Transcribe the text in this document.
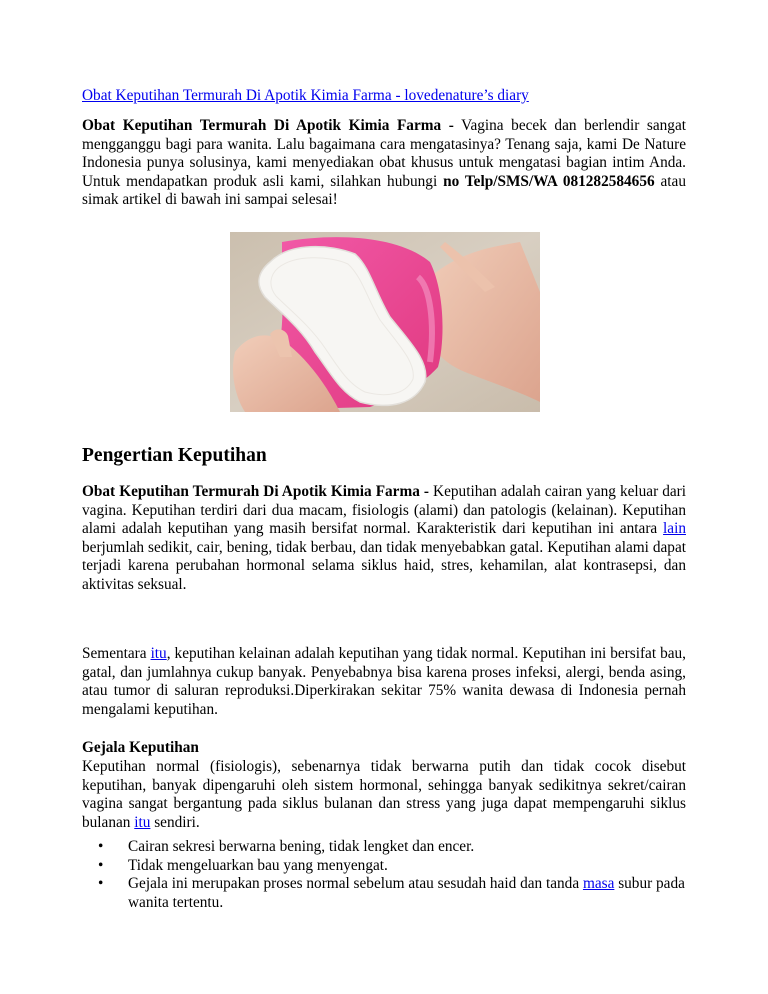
Obat Keputihan Termurah Di Apotik Kimia Farma - lovedenature’s diary
Obat Keputihan Termurah Di Apotik Kimia Farma - Vagina becek dan berlendir sangat mengganggu bagi para wanita. Lalu bagaimana cara mengatasinya? Tenang saja, kami De Nature Indonesia punya solusinya, kami menyediakan obat khusus untuk mengatasi bagian intim Anda. Untuk mendapatkan produk asli kami, silahkan hubungi no Telp/SMS/WA 081282584656 atau simak artikel di bawah ini sampai selesai!
Pengertian Keputihan
Obat Keputihan Termurah Di Apotik Kimia Farma - Keputihan adalah cairan yang keluar dari vagina. Keputihan terdiri dari dua macam, fisiologis (alami) dan patologis (kelainan). Keputihan alami adalah keputihan yang masih bersifat normal. Karakteristik dari keputihan ini antara lain berjumlah sedikit, cair, bening, tidak berbau, dan tidak menyebabkan gatal. Keputihan alami dapat terjadi karena perubahan hormonal selama siklus haid, stres, kehamilan, alat kontrasepsi, dan aktivitas seksual.
Sementara itu, keputihan kelainan adalah keputihan yang tidak normal. Keputihan ini bersifat bau, gatal, dan jumlahnya cukup banyak. Penyebabnya bisa karena proses infeksi, alergi, benda asing, atau tumor di saluran reproduksi.Diperkirakan sekitar 75% wanita dewasa di Indonesia pernah mengalami keputihan.
Gejala Keputihan
Keputihan normal (fisiologis), sebenarnya tidak berwarna putih dan tidak cocok disebut keputihan, banyak dipengaruhi oleh sistem hormonal, sehingga banyak sedikitnya sekret/cairan vagina sangat bergantung pada siklus bulanan dan stress yang juga dapat mempengaruhi siklus bulanan itu sendiri.
• Cairan sekresi berwarna bening, tidak lengket dan encer.
• Tidak mengeluarkan bau yang menyengat.
• Gejala ini merupakan proses normal sebelum atau sesudah haid dan tanda masa subur pada wanita tertentu.
